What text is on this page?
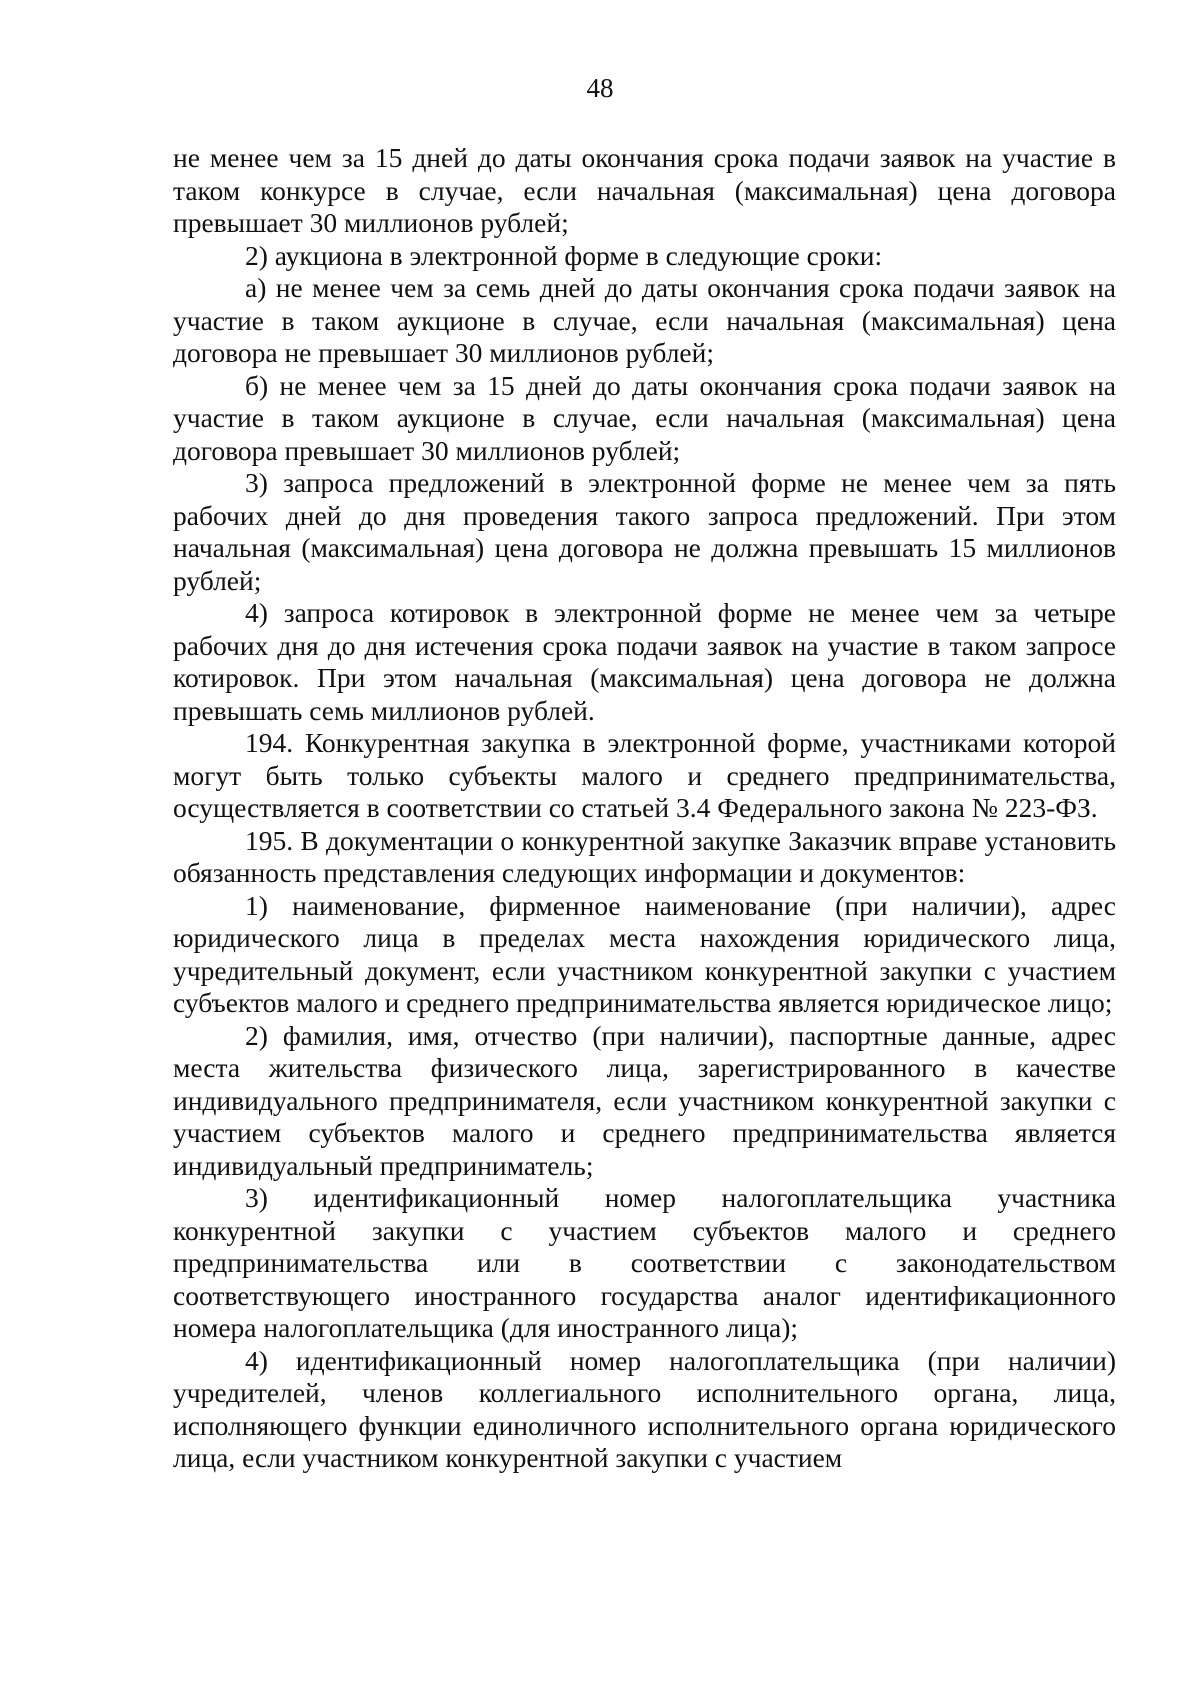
48

не менее чем за 15 дней до даты окончания срока подачи заявок на участие в таком конкурсе в случае, если начальная (максимальная) цена договора превышает 30 миллионов рублей;

2) аукциона в электронной форме в следующие сроки:

а) не менее чем за семь дней до даты окончания срока подачи заявок на участие в таком аукционе в случае, если начальная (максимальная) цена договора не превышает 30 миллионов рублей;

б) не менее чем за 15 дней до даты окончания срока подачи заявок на участие в таком аукционе в случае, если начальная (максимальная) цена договора превышает 30 миллионов рублей;

3) запроса предложений в электронной форме не менее чем за пять рабочих дней до дня проведения такого запроса предложений. При этом начальная (максимальная) цена договора не должна превышать 15 миллионов рублей;

4) запроса котировок в электронной форме не менее чем за четыре рабочих дня до дня истечения срока подачи заявок на участие в таком запросе котировок. При этом начальная (максимальная) цена договора не должна превышать семь миллионов рублей.

194. Конкурентная закупка в электронной форме, участниками которой могут быть только субъекты малого и среднего предпринимательства, осуществляется в соответствии со статьей 3.4 Федерального закона № 223-ФЗ.

195. В документации о конкурентной закупке Заказчик вправе установить обязанность представления следующих информации и документов:

1) наименование, фирменное наименование (при наличии), адрес юридического лица в пределах места нахождения юридического лица, учредительный документ, если участником конкурентной закупки с участием субъектов малого и среднего предпринимательства является юридическое лицо;

2) фамилия, имя, отчество (при наличии), паспортные данные, адрес места жительства физического лица, зарегистрированного в качестве индивидуального предпринимателя, если участником конкурентной закупки с участием субъектов малого и среднего предпринимательства является индивидуальный предприниматель;

3) идентификационный номер налогоплательщика участника конкурентной закупки с участием субъектов малого и среднего предпринимательства или в соответствии с законодательством соответствующего иностранного государства аналог идентификационного номера налогоплательщика (для иностранного лица);

4) идентификационный номер налогоплательщика (при наличии) учредителей, членов коллегиального исполнительного органа, лица, исполняющего функции единоличного исполнительного органа юридического лица, если участником конкурентной закупки с участием
